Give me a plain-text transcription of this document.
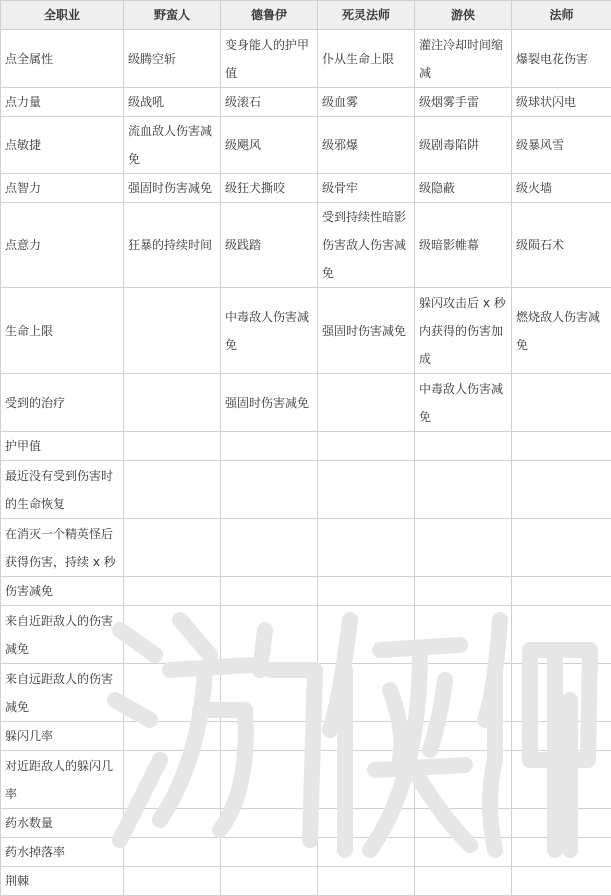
全职业	野蛮人	德鲁伊	死灵法师	游侠	法师
点全属性	级腾空斩	变身能人的护甲值	仆从生命上限	灌注冷却时间缩减	爆裂电花伤害
点力量	级战吼	级滚石	级血雾	级烟雾手雷	级球状闪电
点敏捷	流血敌人伤害减免	级飓风	级邪爆	级剧毒陷阱	级暴风雪
点智力	强固时伤害减免	级狂犬撕咬	级骨牢	级隐蔽	级火墙
点意力	狂暴的持续时间	级践踏	受到持续性暗影伤害敌人伤害减免	级暗影帷幕	级陨石术
生命上限		中毒敌人伤害减免	强固时伤害减免	躲闪攻击后 x 秒内获得的伤害加成	燃烧敌人伤害减免
受到的治疗		强固时伤害减免		中毒敌人伤害减免	
护甲值					
最近没有受到伤害时的生命恢复					
在消灭一个精英怪后获得伤害，持续 x 秒					
伤害减免					
来自近距敌人的伤害减免					
来自远距敌人的伤害减免					
躲闪几率					
对近距敌人的躲闪几率					
药水数量					
药水掉落率					
荆棘					
